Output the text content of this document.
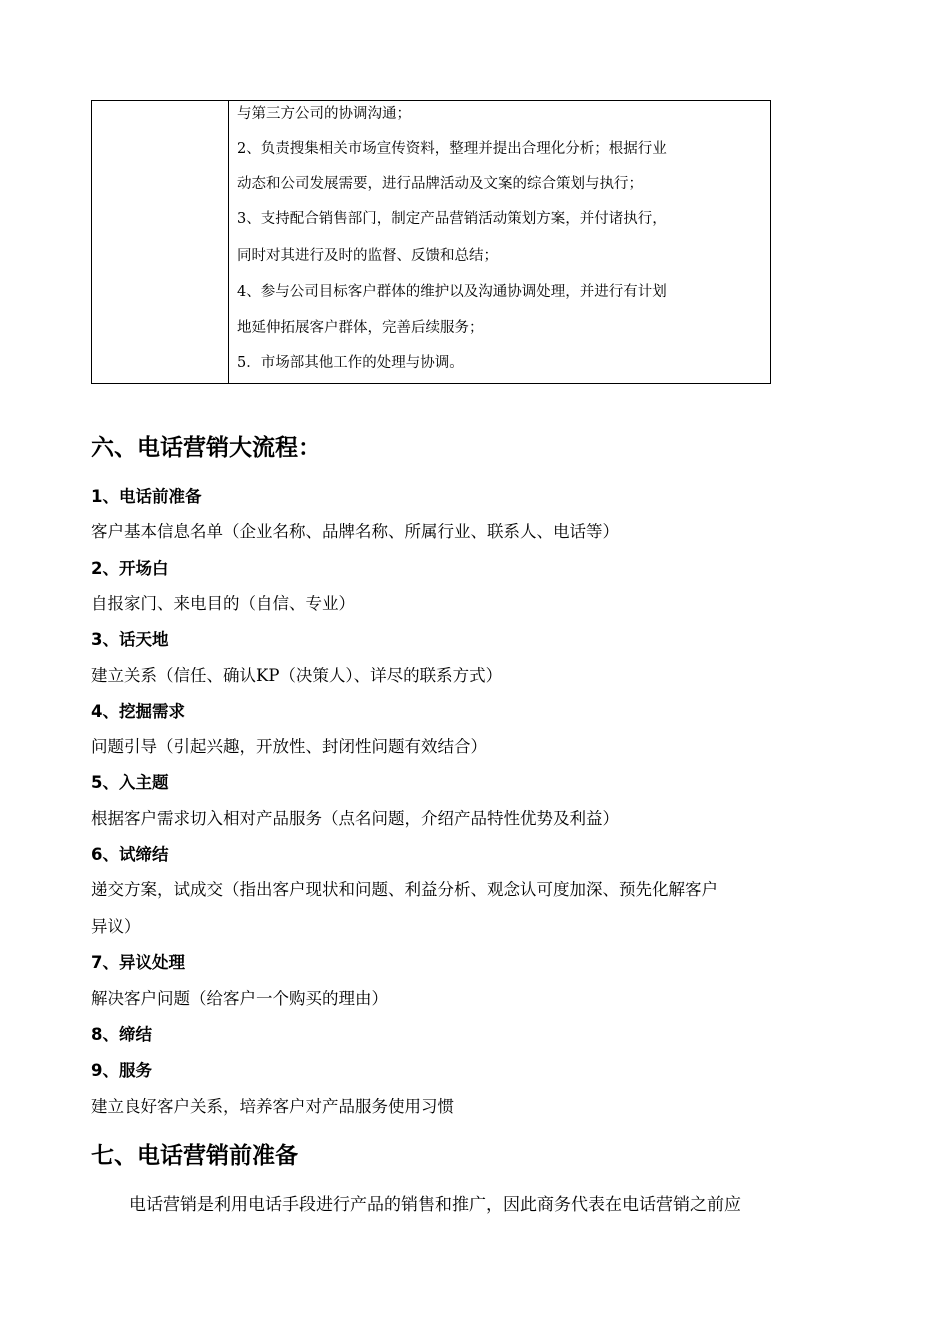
与第三方公司的协调沟通；
2、负责搜集相关市场宣传资料，整理并提出合理化分析；根据行业
动态和公司发展需要，进行品牌活动及文案的综合策划与执行；
3、支持配合销售部门，制定产品营销活动策划方案，并付诸执行，
同时对其进行及时的监督、反馈和总结；
4、参与公司目标客户群体的维护以及沟通协调处理，并进行有计划
地延伸拓展客户群体，完善后续服务；
5．市场部其他工作的处理与协调。
六、电话营销大流程：
1、电话前准备
客户基本信息名单（企业名称、品牌名称、所属行业、联系人、电话等）
2、开场白
自报家门、来电目的（自信、专业）
3、话天地
建立关系（信任、确认KP（决策人）、详尽的联系方式）
4、挖掘需求
问题引导（引起兴趣，开放性、封闭性问题有效结合）
5、入主题
根据客户需求切入相对产品服务（点名问题，介绍产品特性优势及利益）
6、试缔结
递交方案，试成交（指出客户现状和问题、利益分析、观念认可度加深、预先化解客户
异议）
7、异议处理
解决客户问题（给客户一个购买的理由）
8、缔结
9、服务
建立良好客户关系，培养客户对产品服务使用习惯
七、电话营销前准备
电话营销是利用电话手段进行产品的销售和推广，因此商务代表在电话营销之前应
